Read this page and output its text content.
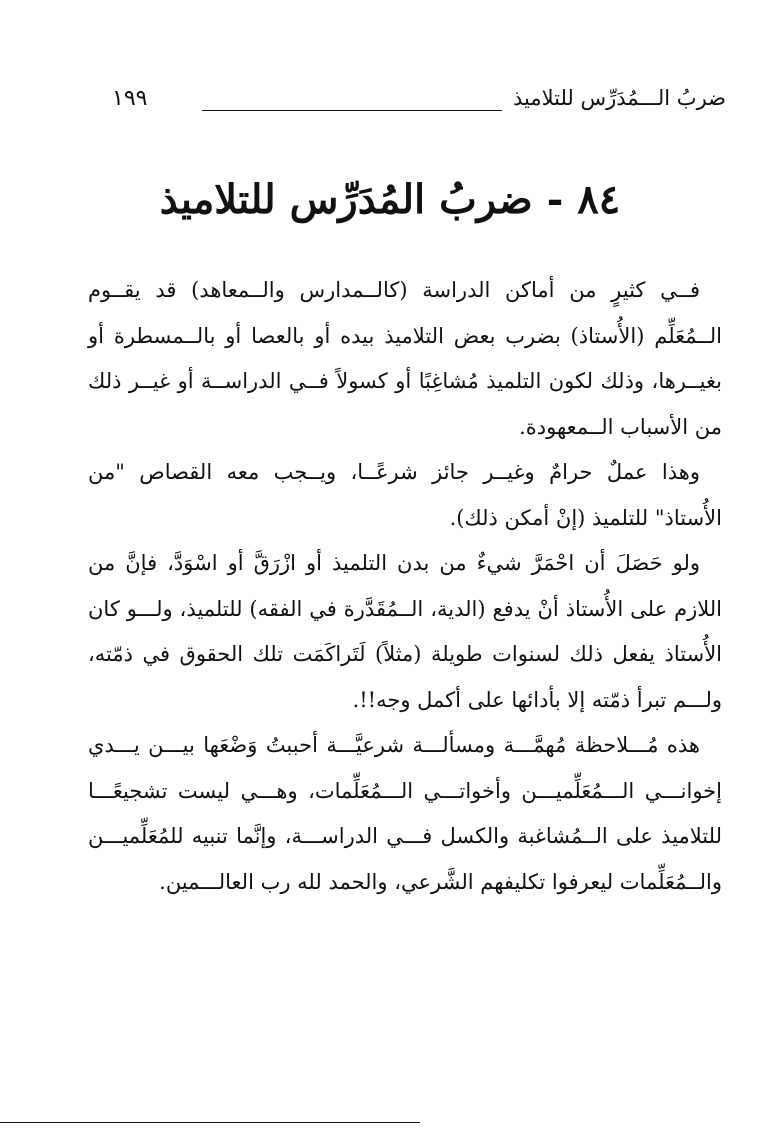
ضربُ الـــمُدَرِّس للتلاميذ
١٩٩
٨٤ - ضربُ المُدَرِّس للتلاميذ

فــي كثيرٍ من أماكن الدراسة (كالــمدارس والــمعاهد) قد يقــوم الــمُعَلِّم (الأُستاذ) بضرب بعض التلاميذ بيده أو بالعصا أو بالــمسطرة أو بغيــرها، وذلك لكون التلميذ مُشاغِبًا أو كسولاً فــي الدراســة أو غيــر ذلك من الأسباب الــمعهودة.

وهذا عملٌ حرامٌ وغيــر جائز شرعًــا، ويــجب معه القصاص "من الأُستاذ" للتلميذ (إنْ أمكن ذلك).

ولو حَصَلَ أن احْمَرَّ شيءٌ من بدن التلميذ أو ازْرَقَّ أو اسْوَدَّ، فإنَّ من اللازم على الأُستاذ أنْ يدفع (الدية، الــمُقَدَّرة في الفقه) للتلميذ، ولـــو كان الأُستاذ يفعل ذلك لسنوات طويلة (مثلاً) لَتَراكَمَت تلك الحقوق في ذمّته، ولـــم تبرأ ذمّته إلا بأدائها على أكمل وجه!!.

هذه مُـــلاحظة مُهمَّـــة ومسألـــة شرعيَّـــة أحببتُ وَضْعَها بيـــن يـــدي إخوانـــي الـــمُعَلِّميـــن وأخواتـــي الـــمُعَلِّمات، وهـــي ليست تشجيعًـــا للتلاميذ على الــمُشاغبة والكسل فـــي الدراســـة، وإنَّما تنبيه للمُعَلِّميـــن والــمُعَلِّمات ليعرفوا تكليفهم الشَّرعي، والحمد لله رب العالـــمين.
